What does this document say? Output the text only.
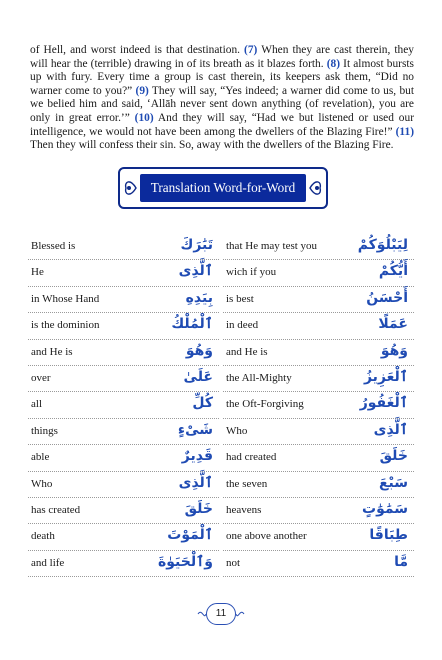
of Hell, and worst indeed is that destination. (7) When they are cast therein, they will hear the (terrible) drawing in of its breath as it blazes forth. (8) It almost bursts up with fury. Every time a group is cast therein, its keepers ask them, “Did no warner come to you?” (9) They will say, “Yes indeed; a warner did come to us, but we belied him and said, ‘Allāh never sent down anything (of revelation), you are only in great error.’” (10) And they will say, “Had we but listened or used our intelligence, we would not have been among the dwellers of the Blazing Fire!” (11) Then they will confess their sin. So, away with the dwellers of the Blazing Fire.
Translation Word-for-Word
Blessed is	تَبَٰرَكَ
He	ٱلَّذِى
in Whose Hand	بِيَدِهِ
is the dominion	ٱلْمُلْكُ
and He is	وَهُوَ
over	عَلَىٰ
all	كُلِّ
things	شَىْءٍ
able	قَدِيرٌ
Who	ٱلَّذِى
has created	خَلَقَ
death	ٱلْمَوْتَ
and life	وَٱلْحَيَوٰةَ
that He may test you	لِيَبْلُوَكُمْ
wich if you	أَيُّكُمْ
is best	أَحْسَنُ
in deed	عَمَلًا
and He is	وَهُوَ
the All-Mighty	ٱلْعَزِيزُ
the Oft-Forgiving	ٱلْغَفُورُ
Who	ٱلَّذِى
had created	خَلَقَ
the seven	سَبْعَ
heavens	سَمَٰوَٰتٍ
one above another	طِبَاقًا
not	مَّا
11
